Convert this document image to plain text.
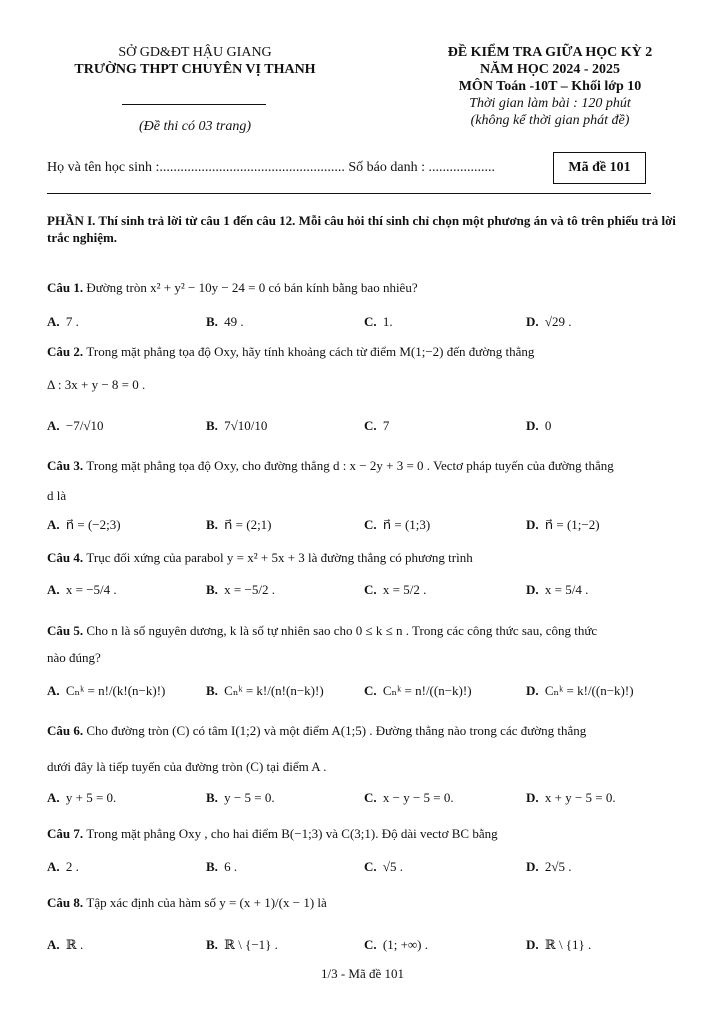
SỞ GD&ĐT HẬU GIANG
TRƯỜNG THPT CHUYÊN VỊ THANH
(Đề thi có 03 trang)
ĐỀ KIỂM TRA GIỮA HỌC KỲ 2
NĂM HỌC 2024 - 2025
MÔN Toán -10T – Khối lớp 10
Thời gian làm bài : 120 phút
(không kể thời gian phát đề)
Họ và tên học sinh :..................................................... Số báo danh : ...................	Mã đề 101
PHẦN I. Thí sinh trả lời từ câu 1 đến câu 12. Mỗi câu hỏi thí sinh chỉ chọn một phương án và tô trên phiếu trả lời trắc nghiệm.
Câu 1. Đường tròn x² + y² − 10y − 24 = 0 có bán kính bằng bao nhiêu?
A. 7 .	B. 49 .	C. 1.	D. √29 .
Câu 2. Trong mặt phẳng tọa độ Oxy, hãy tính khoảng cách từ điểm M(1;−2) đến đường thẳng
Δ : 3x + y − 8 = 0 .
A. −7/√10	B. 7√10/10	C. 7	D. 0
Câu 3. Trong mặt phẳng tọa độ Oxy, cho đường thẳng d : x − 2y + 3 = 0 . Vectơ pháp tuyến của đường thẳng
d là
A. n⃗ = (−2;3)	B. n⃗ = (2;1)	C. n⃗ = (1;3)	D. n⃗ = (1;−2)
Câu 4. Trục đối xứng của parabol y = x² + 5x + 3 là đường thẳng có phương trình
A. x = −5/4 .	B. x = −5/2 .	C. x = 5/2 .	D. x = 5/4 .
Câu 5. Cho n là số nguyên dương, k là số tự nhiên sao cho 0 ≤ k ≤ n . Trong các công thức sau, công thức
nào đúng?
A. Cₙᵏ = n!/(k!(n−k)!)	B. Cₙᵏ = k!/(n!(n−k)!)	C. Cₙᵏ = n!/((n−k)!)	D. Cₙᵏ = k!/((n−k)!)
Câu 6. Cho đường tròn (C) có tâm I(1;2) và một điểm A(1;5) . Đường thẳng nào trong các đường thẳng
dưới đây là tiếp tuyến của đường tròn (C) tại điểm A .
A. y + 5 = 0.	B. y − 5 = 0.	C. x − y − 5 = 0.	D. x + y − 5 = 0.
Câu 7. Trong mặt phẳng Oxy , cho hai điểm B(−1;3) và C(3;1). Độ dài vectơ BC bằng
A. 2 .	B. 6 .	C. √5 .	D. 2√5 .
Câu 8. Tập xác định của hàm số y = (x + 1)/(x − 1) là
A. ℝ .	B. ℝ \ {−1} .	C. (1; +∞) .	D. ℝ \ {1} .
1/3 - Mã đề 101
